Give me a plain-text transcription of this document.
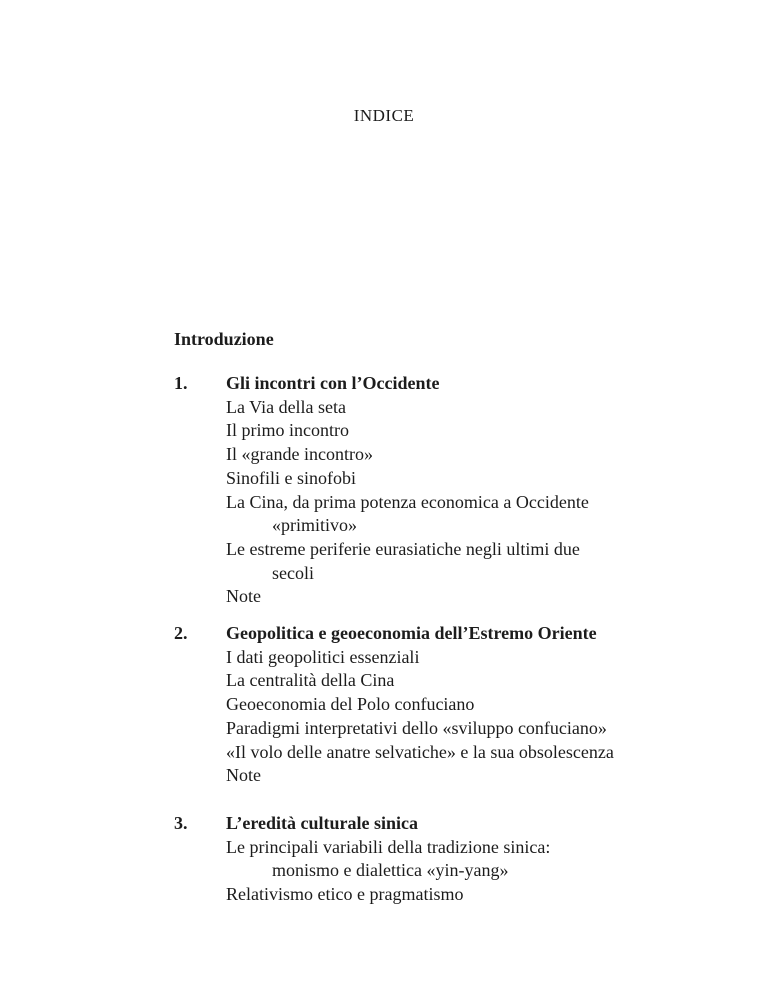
INDICE
Introduzione
1. Gli incontri con l’Occidente
La Via della seta
Il primo incontro
Il «grande incontro»
Sinofili e sinofobi
La Cina, da prima potenza economica a Occidente
«primitivo»
Le estreme periferie eurasiatiche negli ultimi due
secoli
Note
2. Geopolitica e geoeconomia dell’Estremo Oriente
I dati geopolitici essenziali
La centralità della Cina
Geoeconomia del Polo confuciano
Paradigmi interpretativi dello «sviluppo confuciano»
«Il volo delle anatre selvatiche» e la sua obsolescenza
Note
3. L’eredità culturale sinica
Le principali variabili della tradizione sinica:
monismo e dialettica «yin-yang»
Relativismo etico e pragmatismo
